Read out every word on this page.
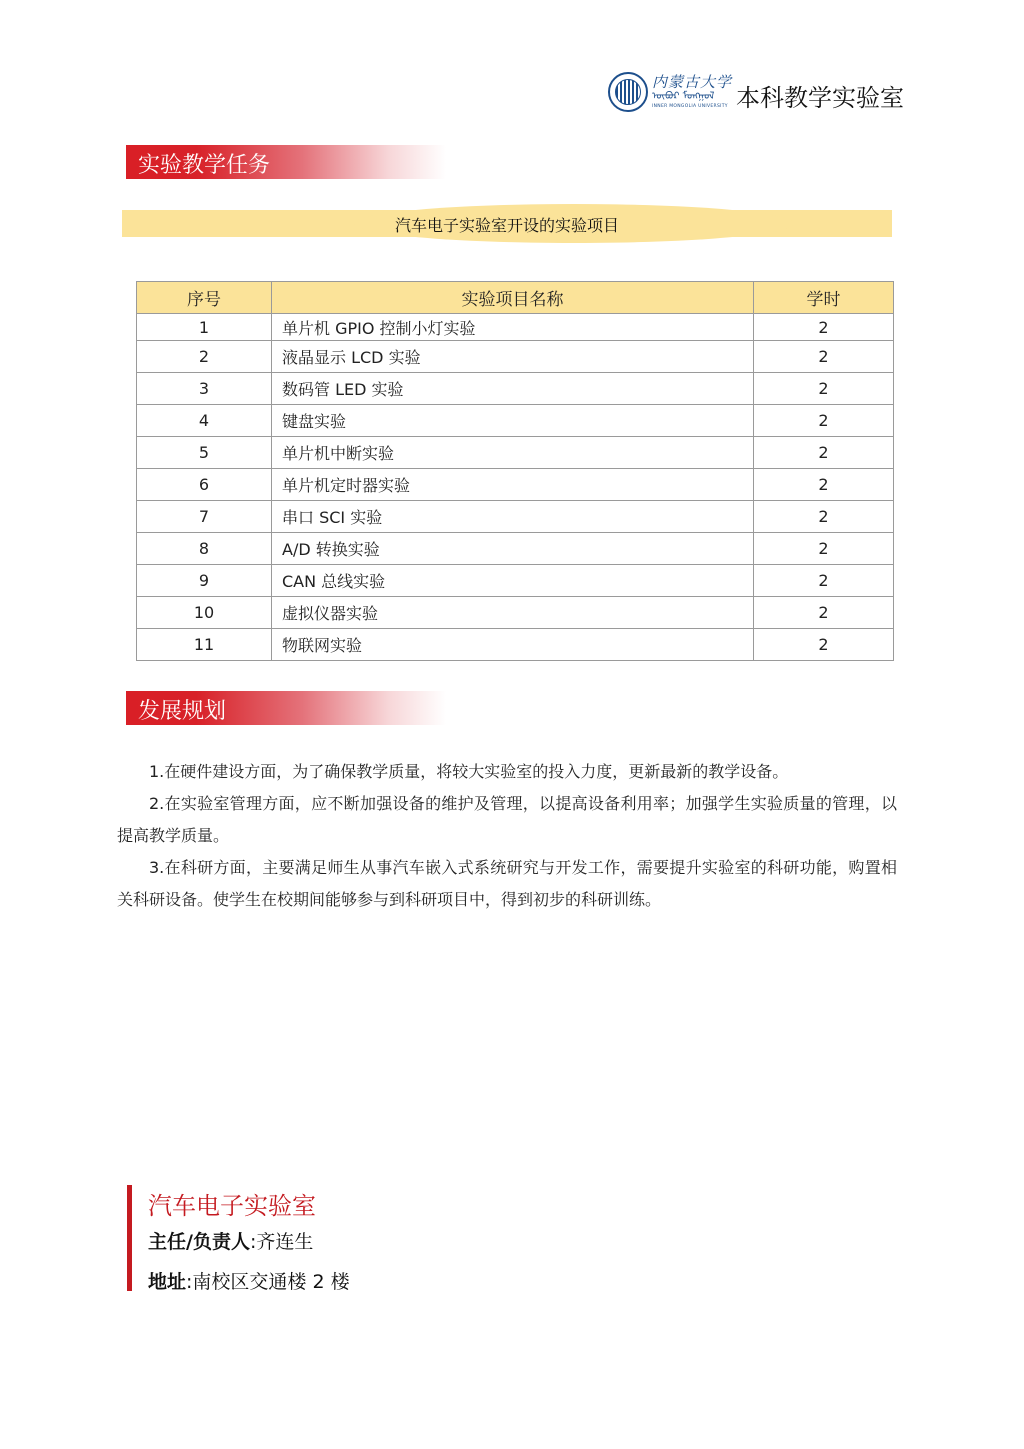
内蒙古大学
ᠥᠪᠦᠷ ᠮᠣᠩᠭᠣᠯ
INNER MONGOLIA UNIVERSITY 本科教学实验室
实验教学任务
汽车电子实验室开设的实验项目
序号	实验项目名称	学时
1	单片机 GPIO 控制小灯实验	2
2	液晶显示 LCD 实验	2
3	数码管 LED 实验	2
4	键盘实验	2
5	单片机中断实验	2
6	单片机定时器实验	2
7	串口 SCI 实验	2
8	A/D 转换实验	2
9	CAN 总线实验	2
10	虚拟仪器实验	2
11	物联网实验	2
发展规划

1.在硬件建设方面，为了确保教学质量，将较大实验室的投入力度，更新最新的教学设备。

2.在实验室管理方面，应不断加强设备的维护及管理，以提高设备利用率；加强学生实验质量的管理，以提高教学质量。

3.在科研方面，主要满足师生从事汽车嵌入式系统研究与开发工作，需要提升实验室的科研功能，购置相关科研设备。使学生在校期间能够参与到科研项目中，得到初步的科研训练。

汽车电子实验室
主任/负责人:齐连生
地址:南校区交通楼 2 楼
